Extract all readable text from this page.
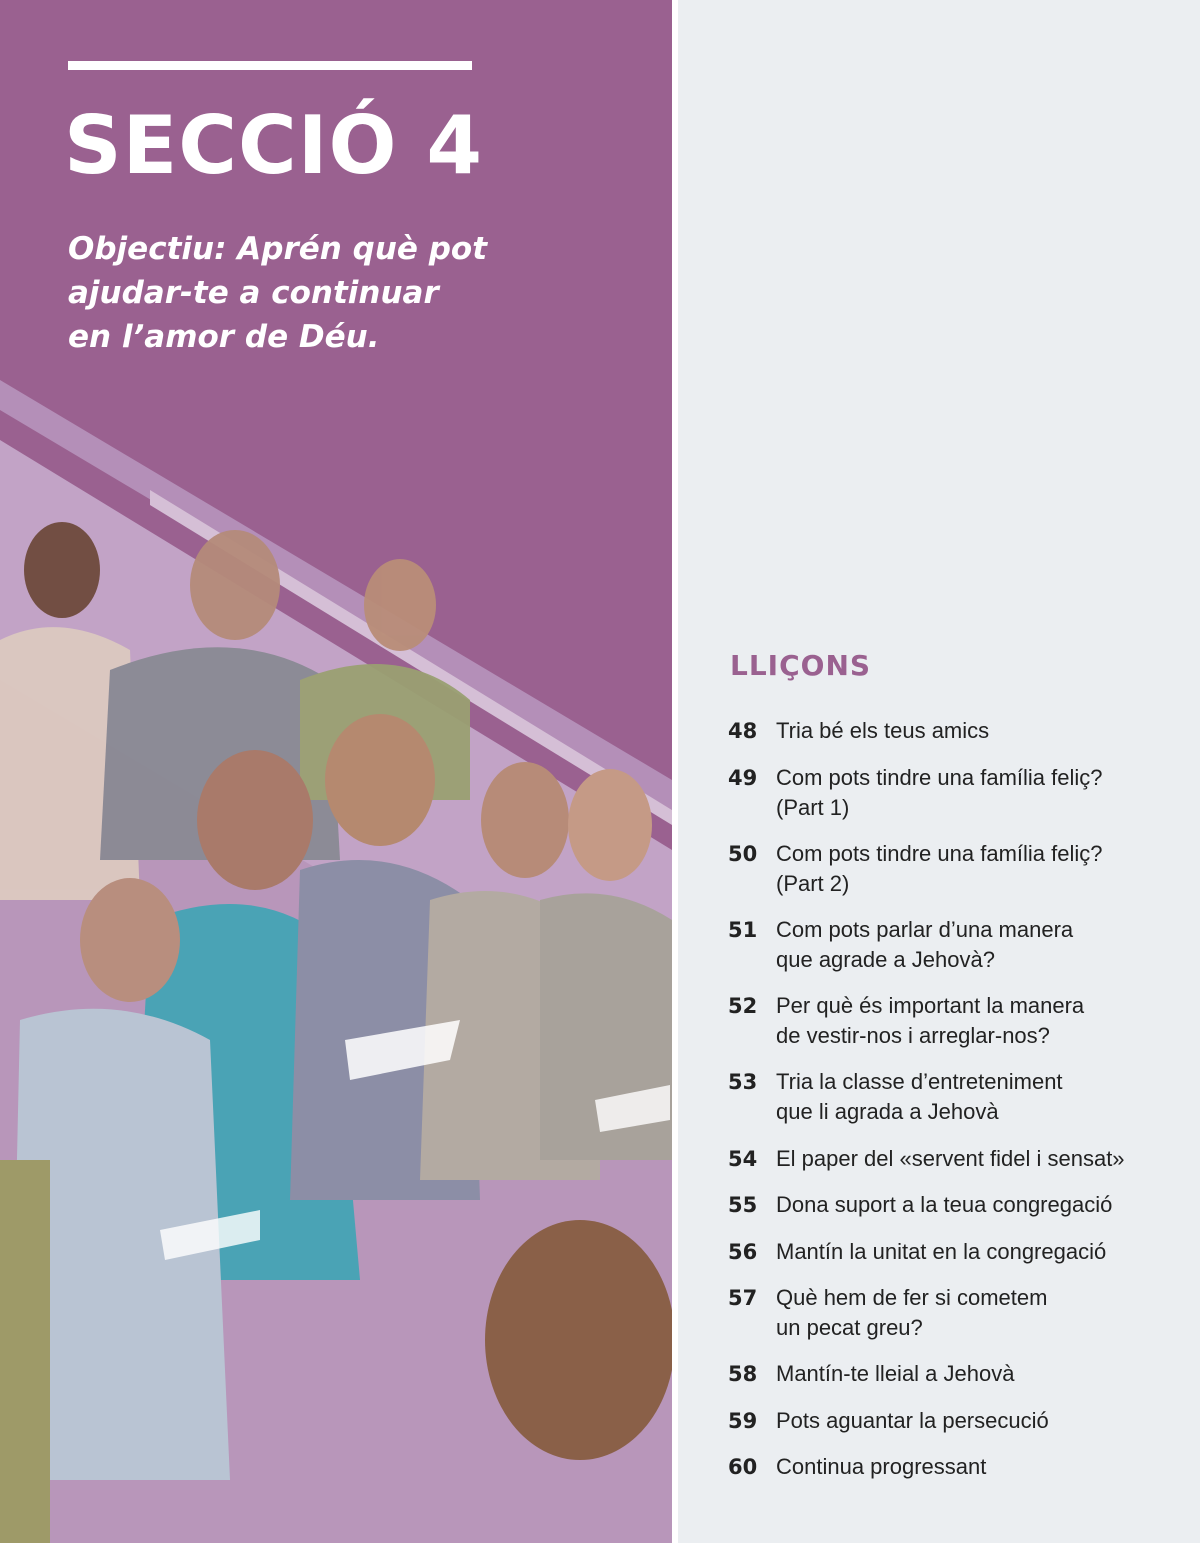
SECCIÓ 4

Objectiu: Aprén què pot ajudar-te a continuar en l’amor de Déu.

LLIÇONS
48 Tria bé els teus amics
49 Com pots tindre una família feliç?
(Part 1)
50 Com pots tindre una família feliç?
(Part 2)
51 Com pots parlar d’una manera
que agrade a Jehovà?
52 Per què és important la manera
de vestir-nos i arreglar-nos?
53 Tria la classe d’entreteniment
que li agrada a Jehovà
54 El paper del «servent fidel i sensat»
55 Dona suport a la teua congregació
56 Mantín la unitat en la congregació
57 Què hem de fer si cometem
un pecat greu?
58 Mantín-te lleial a Jehovà
59 Pots aguantar la persecució
60 Continua progressant
